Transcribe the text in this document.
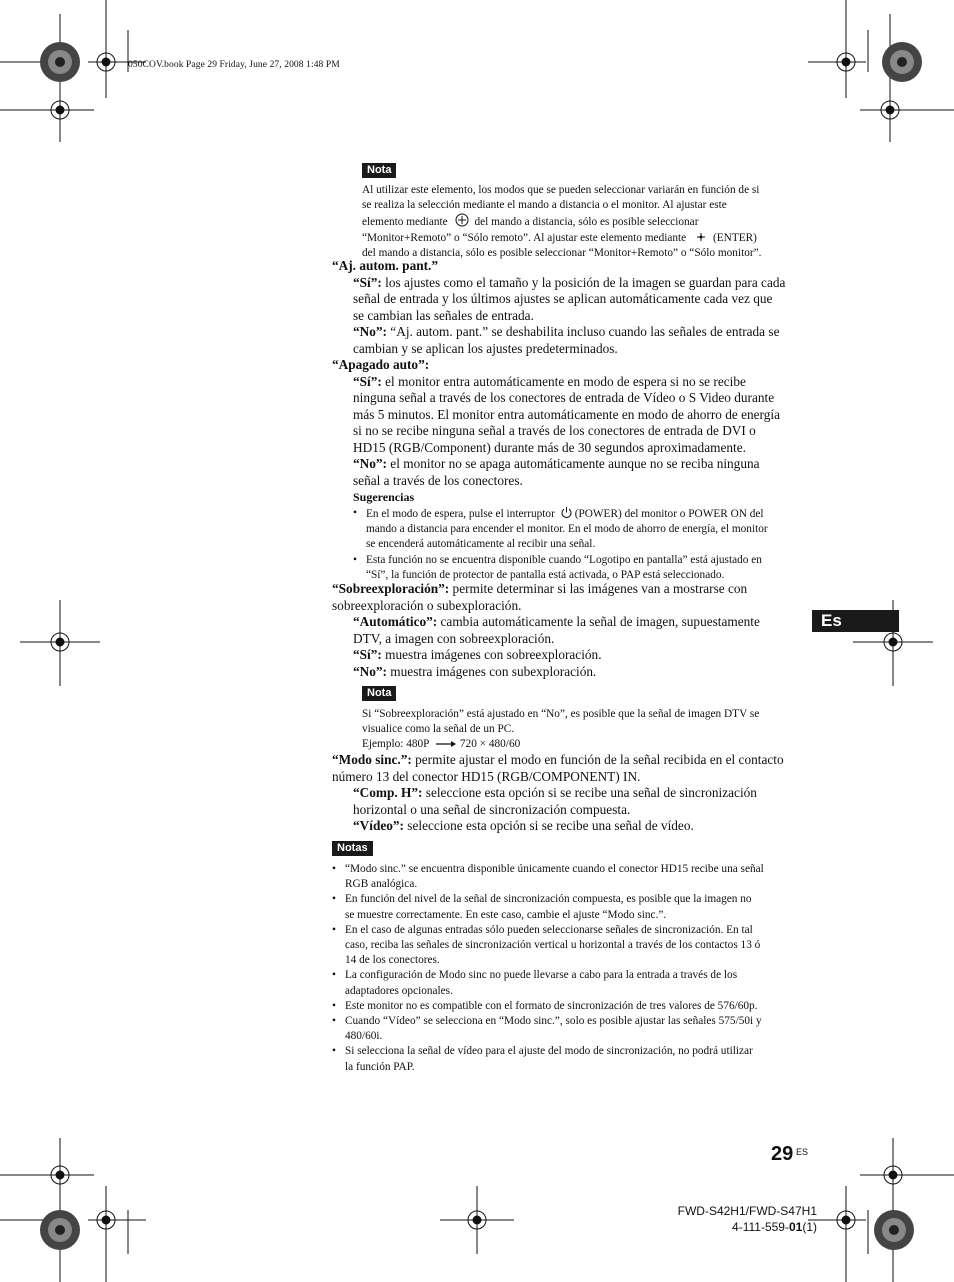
050COV.book Page 29 Friday, June 27, 2008 1:48 PM
Nota
Al utilizar este elemento, los modos que se pueden seleccionar variarán en función de si
se realiza la selección mediante el mando a distancia o el monitor. Al ajustar este
elemento mediante del mando a distancia, sólo es posible seleccionar
“Monitor+Remoto” o “Sólo remoto”. Al ajustar este elemento mediante (ENTER)
del mando a distancia, sólo es posible seleccionar “Monitor+Remoto” o “Sólo monitor”.
“Aj. autom. pant.”
“Sí”: los ajustes como el tamaño y la posición de la imagen se guardan para cada
señal de entrada y los últimos ajustes se aplican automáticamente cada vez que
se cambian las señales de entrada.
“No”: “Aj. autom. pant.” se deshabilita incluso cuando las señales de entrada se
cambian y se aplican los ajustes predeterminados.
“Apagado auto”:
“Sí”: el monitor entra automáticamente en modo de espera si no se recibe
ninguna señal a través de los conectores de entrada de Vídeo o S Video durante
más 5 minutos. El monitor entra automáticamente en modo de ahorro de energía
si no se recibe ninguna señal a través de los conectores de entrada de DVI o
HD15 (RGB/Component) durante más de 30 segundos aproximadamente.
“No”: el monitor no se apaga automáticamente aunque no se reciba ninguna
señal a través de los conectores.
Sugerencias
• En el modo de espera, pulse el interruptor (POWER) del monitor o POWER ON del
mando a distancia para encender el monitor. En el modo de ahorro de energía, el monitor
se encenderá automáticamente al recibir una señal.
• Esta función no se encuentra disponible cuando “Logotipo en pantalla” está ajustado en
“Sí”, la función de protector de pantalla está activada, o PAP está seleccionado.
“Sobreexploración”: permite determinar si las imágenes van a mostrarse con
sobreexploración o subexploración.
“Automático”: cambia automáticamente la señal de imagen, supuestamente
DTV, a imagen con sobreexploración.
“Sí”: muestra imágenes con sobreexploración.
“No”: muestra imágenes con subexploración.
Nota
Si “Sobreexploración” está ajustado en “No”, es posible que la señal de imagen DTV se
visualice como la señal de un PC.
Ejemplo: 480P	720 × 480/60
“Modo sinc.”: permite ajustar el modo en función de la señal recibida en el contacto
número 13 del conector HD15 (RGB/COMPONENT) IN.
“Comp. H”: seleccione esta opción si se recibe una señal de sincronización
horizontal o una señal de sincronización compuesta.
“Vídeo”: seleccione esta opción si se recibe una señal de vídeo.
Notas
• “Modo sinc.” se encuentra disponible únicamente cuando el conector HD15 recibe una señal
RGB analógica.
• En función del nivel de la señal de sincronización compuesta, es posible que la imagen no
se muestre correctamente. En este caso, cambie el ajuste “Modo sinc.”.
• En el caso de algunas entradas sólo pueden seleccionarse señales de sincronización. En tal
caso, reciba las señales de sincronización vertical u horizontal a través de los contactos 13 ó
14 de los conectores.
• La configuración de Modo sinc no puede llevarse a cabo para la entrada a través de los
adaptadores opcionales.
• Este monitor no es compatible con el formato de sincronización de tres valores de 576/60p.
• Cuando “Vídeo” se selecciona en “Modo sinc.”, solo es posible ajustar las señales 575/50i y
480/60i.
• Si selecciona la señal de vídeo para el ajuste del modo de sincronización, no podrá utilizar
la función PAP.
Es
29 ES
FWD-S42H1/FWD-S47H1
4-111-559-01(1)
